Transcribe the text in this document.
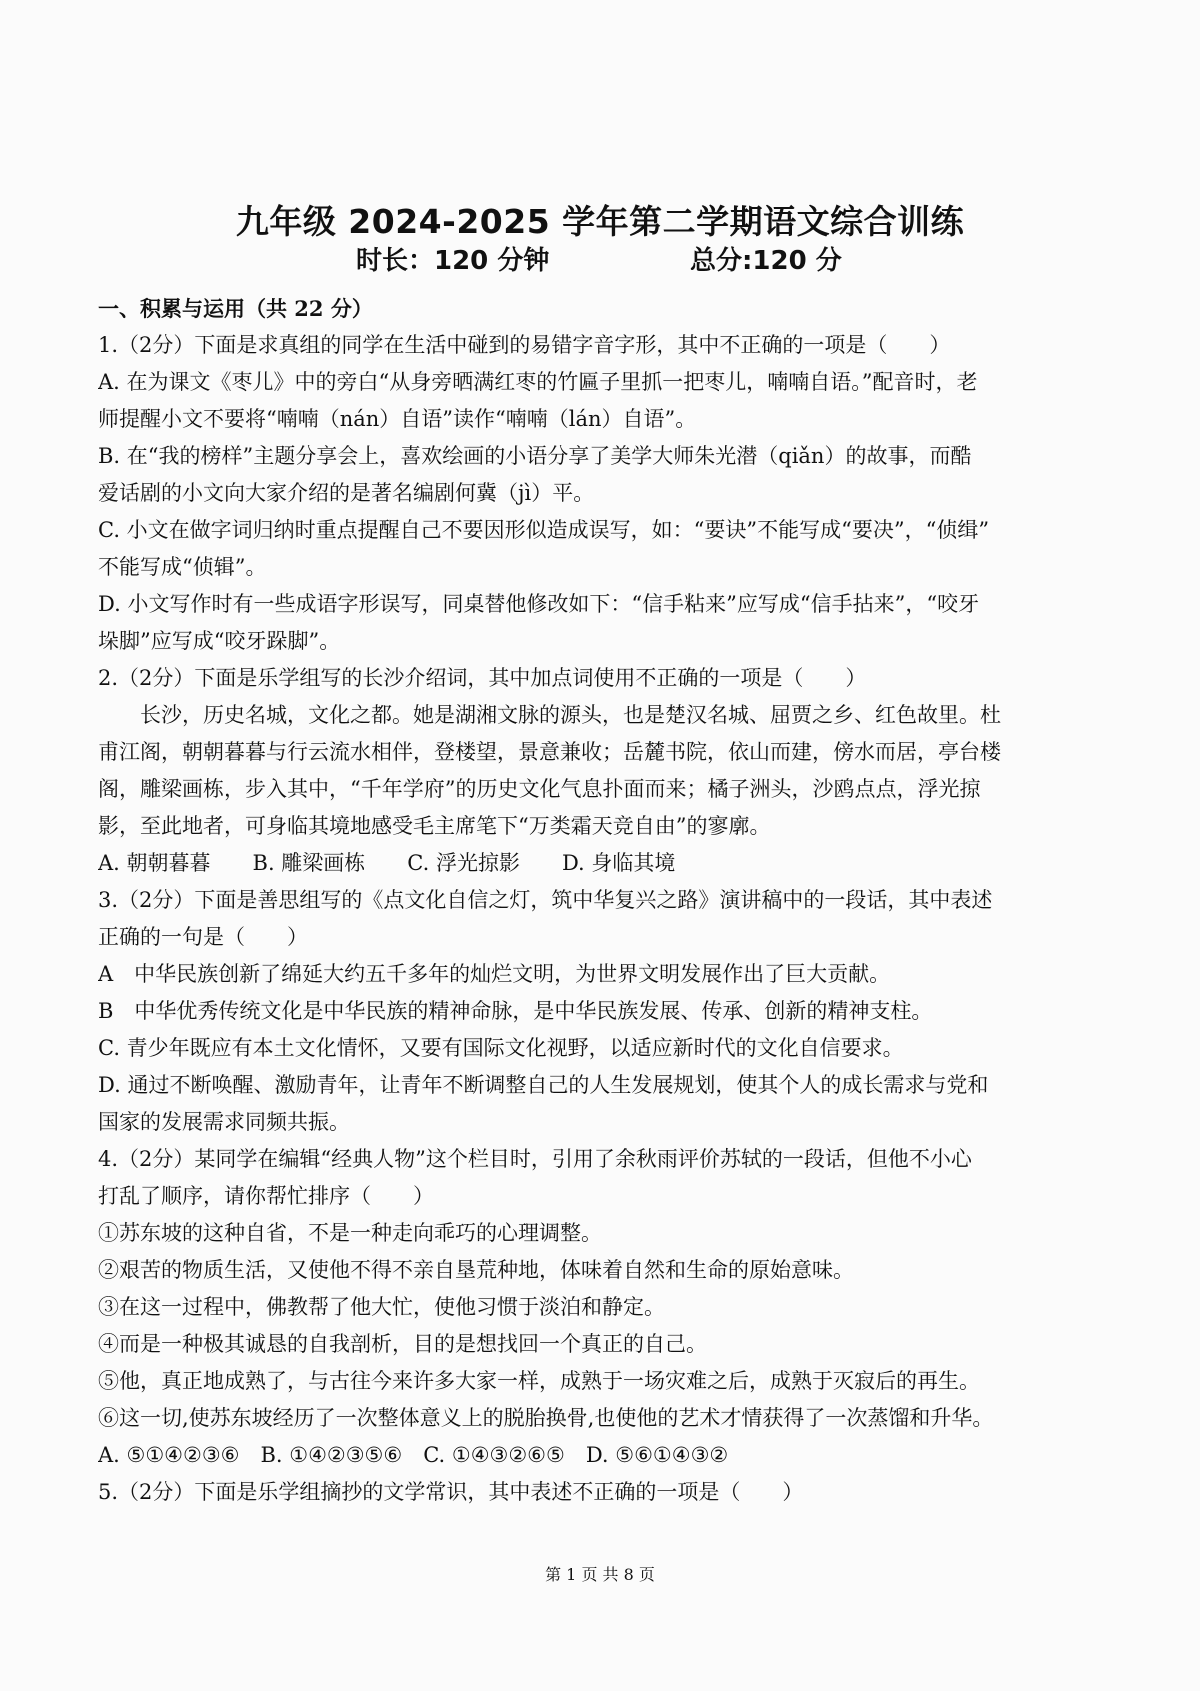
九年级 2024-2025 学年第二学期语文综合训练
时长：120 分钟	总分:120 分
一、积累与运用（共 22 分）
1.（2分）下面是求真组的同学在生活中碰到的易错字音字形，其中不正确的一项是（　　）
A. 在为课文《枣儿》中的旁白“从身旁晒满红枣的竹匾子里抓一把枣儿，喃喃自语。”配音时，老
师提醒小文不要将“喃喃（nán）自语”读作“喃喃（lán）自语”。
B. 在“我的榜样”主题分享会上，喜欢绘画的小语分享了美学大师朱光潜（qiǎn）的故事，而酷
爱话剧的小文向大家介绍的是著名编剧何冀（jì）平。
C. 小文在做字词归纳时重点提醒自己不要因形似造成误写，如：“要诀”不能写成“要决”，“侦缉”
不能写成“侦辑”。
D. 小文写作时有一些成语字形误写，同桌替他修改如下：“信手粘来”应写成“信手拈来”，“咬牙
垛脚”应写成“咬牙跺脚”。
2.（2分）下面是乐学组写的长沙介绍词，其中加点词使用不正确的一项是（　　）
长沙，历史名城，文化之都。她是湖湘文脉的源头，也是楚汉名城、屈贾之乡、红色故里。杜
甫江阁，朝朝暮暮与行云流水相伴，登楼望，景意兼收；岳麓书院，依山而建，傍水而居，亭台楼
阁，雕梁画栋，步入其中，“千年学府”的历史文化气息扑面而来；橘子洲头，沙鸥点点，浮光掠
影，至此地者，可身临其境地感受毛主席笔下“万类霜天竞自由”的寥廓。
A. 朝朝暮暮　　B. 雕梁画栋　　C. 浮光掠影　　D. 身临其境
3.（2分）下面是善思组写的《点文化自信之灯，筑中华复兴之路》演讲稿中的一段话，其中表述
正确的一句是（　　）
A　中华民族创新了绵延大约五千多年的灿烂文明，为世界文明发展作出了巨大贡献。
B　中华优秀传统文化是中华民族的精神命脉，是中华民族发展、传承、创新的精神支柱。
C. 青少年既应有本土文化情怀，又要有国际文化视野，以适应新时代的文化自信要求。
D. 通过不断唤醒、激励青年，让青年不断调整自己的人生发展规划，使其个人的成长需求与党和
国家的发展需求同频共振。
4.（2分）某同学在编辑“经典人物”这个栏目时，引用了余秋雨评价苏轼的一段话，但他不小心
打乱了顺序，请你帮忙排序（　　）
①苏东坡的这种自省，不是一种走向乖巧的心理调整。
②艰苦的物质生活，又使他不得不亲自垦荒种地，体味着自然和生命的原始意味。
③在这一过程中，佛教帮了他大忙，使他习惯于淡泊和静定。
④而是一种极其诚恳的自我剖析，目的是想找回一个真正的自己。
⑤他，真正地成熟了，与古往今来许多大家一样，成熟于一场灾难之后，成熟于灭寂后的再生。
⑥这一切,使苏东坡经历了一次整体意义上的脱胎换骨,也使他的艺术才情获得了一次蒸馏和升华。
A. ⑤①④②③⑥　B. ①④②③⑤⑥　C. ①④③②⑥⑤　D. ⑤⑥①④③②
5.（2分）下面是乐学组摘抄的文学常识，其中表述不正确的一项是（　　）
第 1 页 共 8 页
